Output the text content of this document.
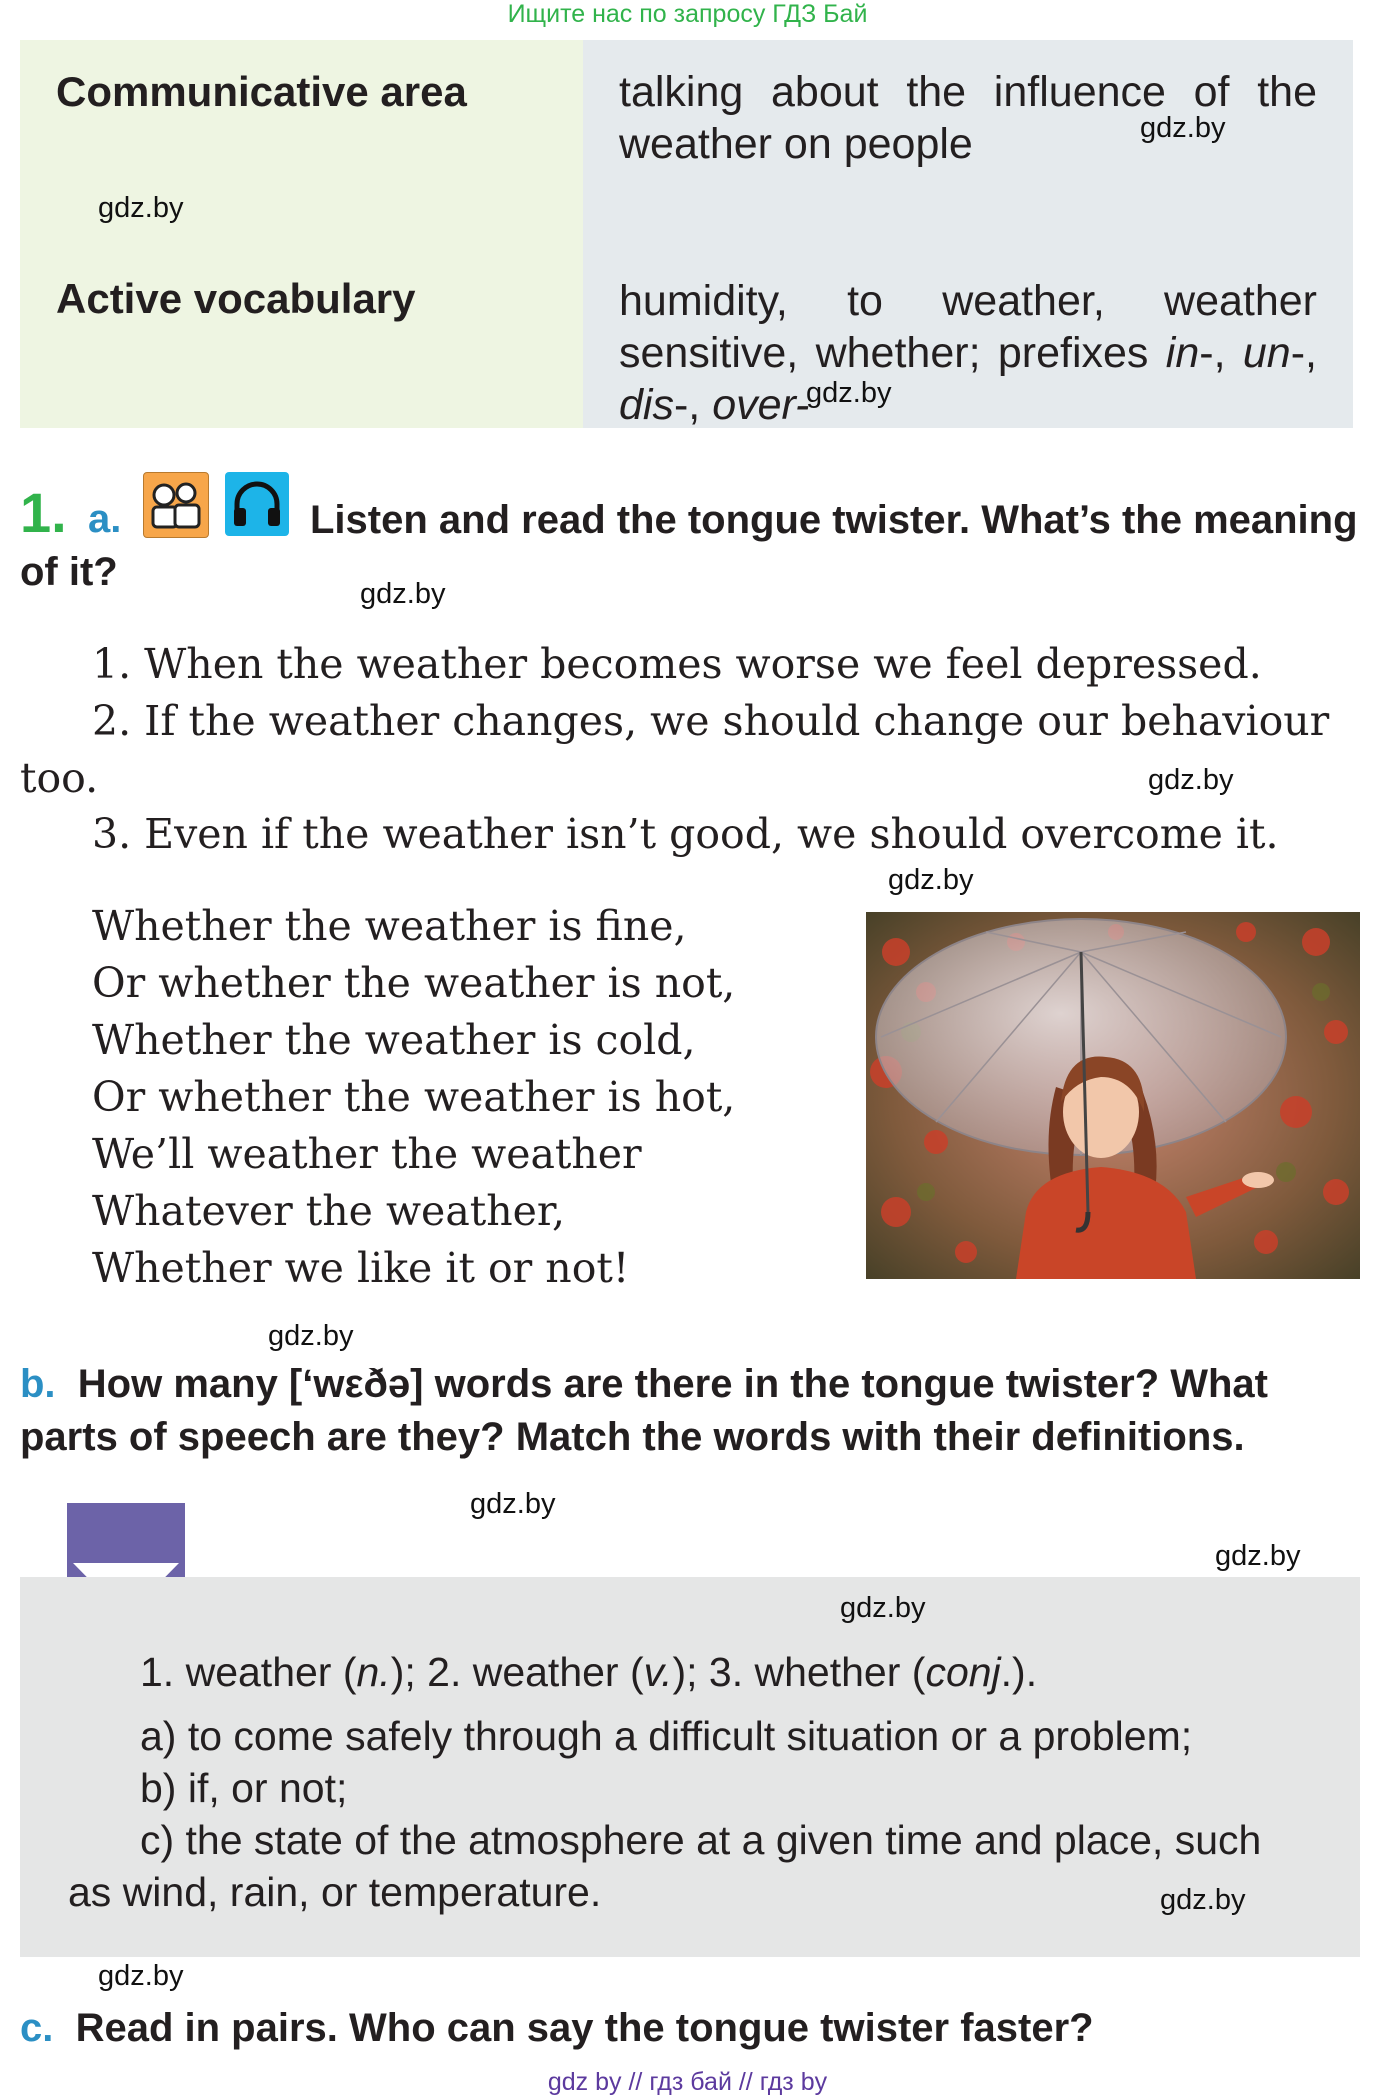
Ищите нас по запросу ГДЗ Бай
Communicative area	talking about the influence of the weather on people
Active vocabulary	humidity, to weather, weather sensitive, whether; prefixes in-, un-, dis-, over-
gdz.by
gdz.by
gdz.by
1. a.	Listen and read the tongue twister. What’s the meaning
of it?	gdz.by
1. When the weather becomes worse we feel depressed.
2. If the weather changes, we should change our behaviour
too.	gdz.by
3. Even if the weather isn’t good, we should overcome it.
gdz.by
Whether the weather is fine,
Or whether the weather is not,
Whether the weather is cold,
Or whether the weather is hot,
We’ll weather the weather
Whatever the weather,
Whether we like it or not!
gdz.by
b. How many [‘wεðə] words are there in the tongue twister? What parts of speech are they? Match the words with their definitions.
gdz.by
gdz.by
gdz.by
1. weather (n.); 2. weather (v.); 3. whether (conj.).
a) to come safely through a difficult situation or a problem;
b) if, or not;
c) the state of the atmosphere at a given time and place, such
as wind, rain, or temperature.	gdz.by
gdz.by
c. Read in pairs. Who can say the tongue twister faster?
gdz by // гдз бай // гдз by
